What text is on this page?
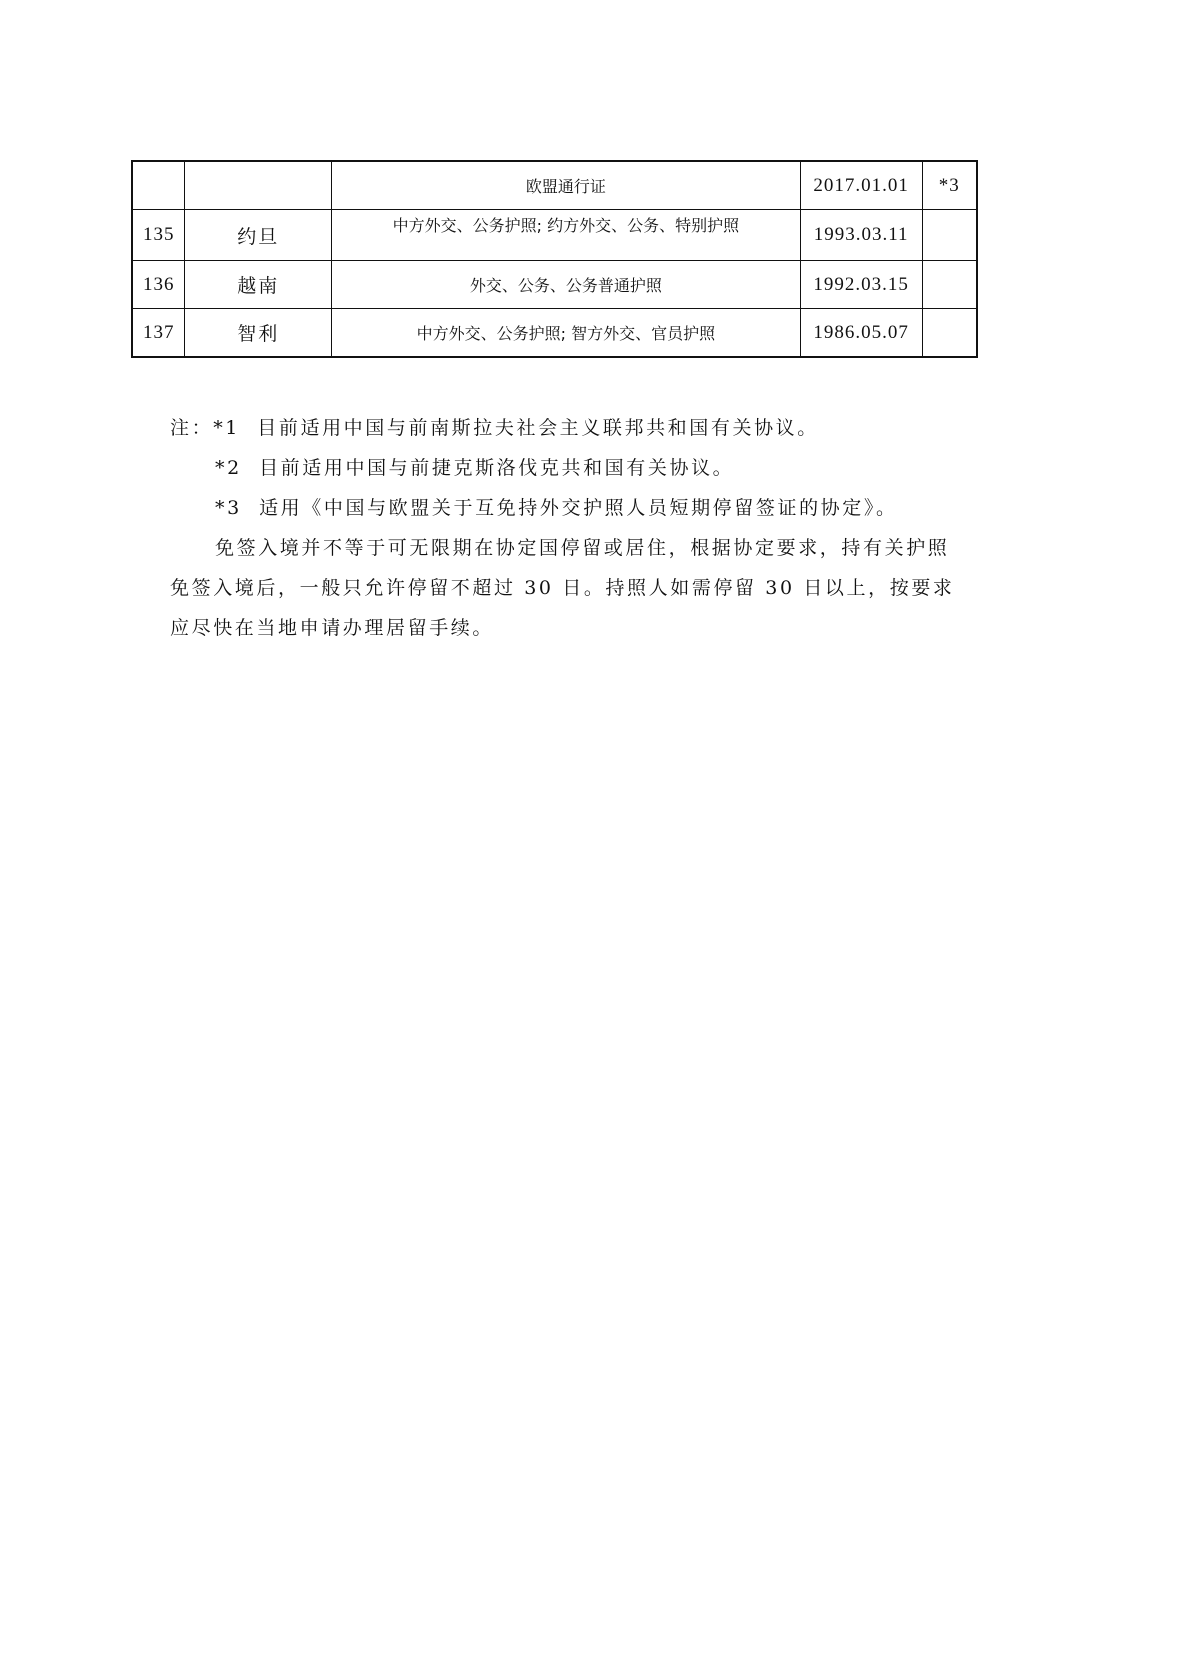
		欧盟通行证	2017.01.01	*3
135	约旦	中方外交、公务护照; 约方外交、公务、特别护照	1993.03.11	
136	越南	外交、公务、公务普通护照	1992.03.15	
137	智利	中方外交、公务护照; 智方外交、官员护照	1986.05.07	

注：*1 目前适用中国与前南斯拉夫社会主义联邦共和国有关协议。

*2 目前适用中国与前捷克斯洛伐克共和国有关协议。

*3 适用《中国与欧盟关于互免持外交护照人员短期停留签证的协定》。

免签入境并不等于可无限期在协定国停留或居住，根据协定要求，持有关护照免签入境后，一般只允许停留不超过 30 日。持照人如需停留 30 日以上，按要求应尽快在当地申请办理居留手续。
